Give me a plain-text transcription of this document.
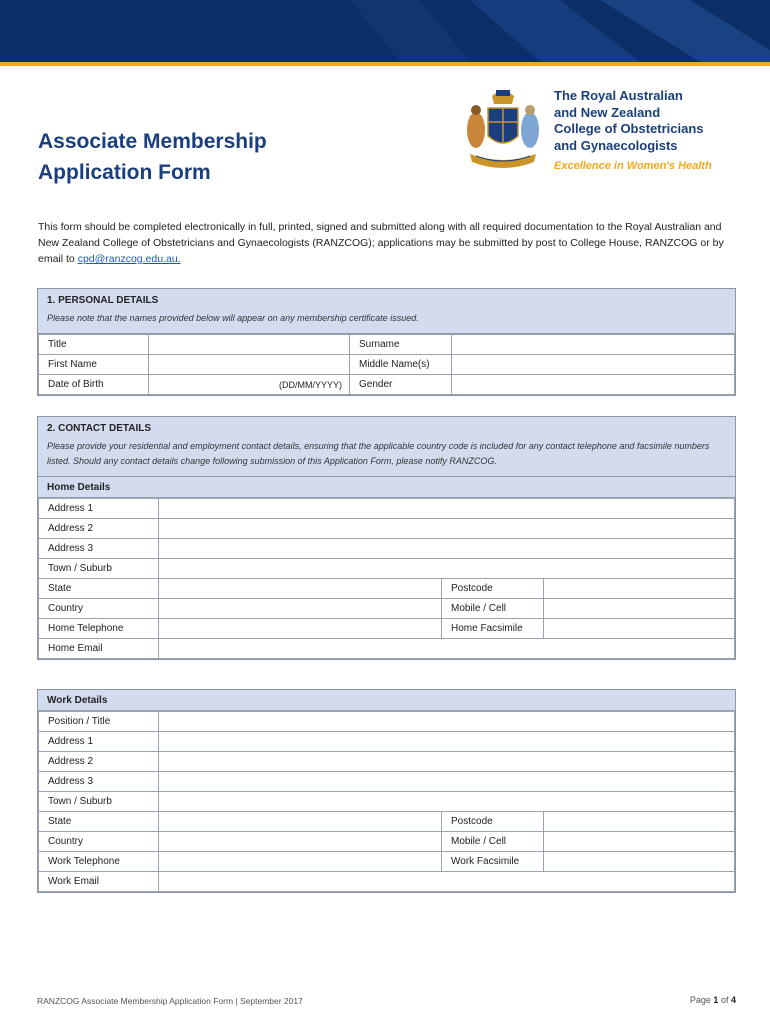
Associate Membership
Application Form
The Royal Australian
and New Zealand
College of Obstetricians
and Gynaecologists
Excellence in Women's Health
This form should be completed electronically in full, printed, signed and submitted along with all required documentation to the Royal Australian and New Zealand College of Obstetricians and Gynaecologists (RANZCOG); applications may be submitted by post to College House, RANZCOG or by email to cpd@ranzcog.edu.au.
1. PERSONAL DETAILS
Please note that the names provided below will appear on any membership certificate issued.
Title		Surname	
First Name		Middle Name(s)	
Date of Birth	(DD/MM/YYYY)	Gender	
2. CONTACT DETAILS
Please provide your residential and employment contact details, ensuring that the applicable country code is included for any contact telephone and facsimile numbers listed. Should any contact details change following submission of this Application Form, please notify RANZCOG.
Home Details
Address 1			
Address 2			
Address 3			
Town / Suburb			
State		Postcode	
Country		Mobile / Cell	
Home Telephone		Home Facsimile	
Home Email			
Work Details
Position / Title			
Address 1			
Address 2			
Address 3			
Town / Suburb			
State		Postcode	
Country		Mobile / Cell	
Work Telephone		Work Facsimile	
Work Email			
RANZCOG Associate Membership Application Form | September 2017	Page 1 of 4
